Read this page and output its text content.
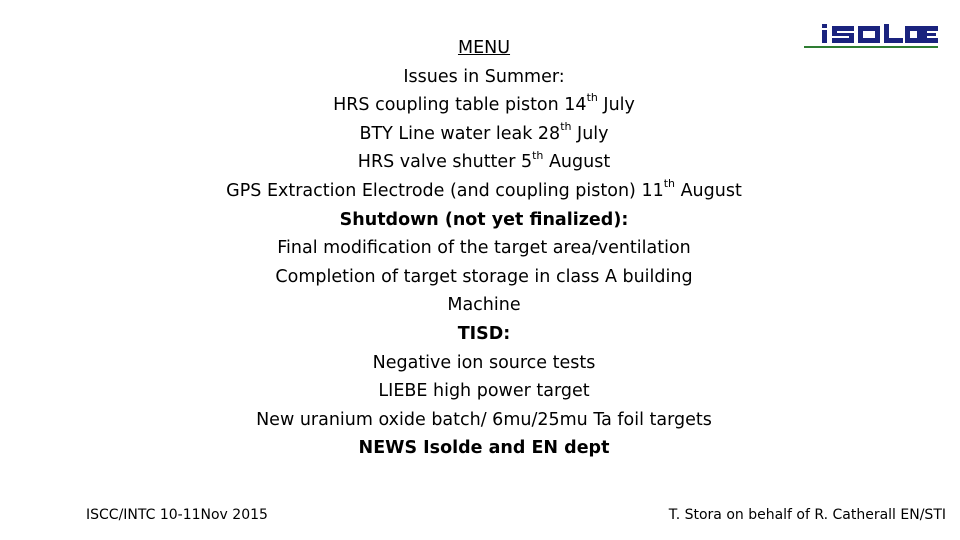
MENU
Issues in Summer:
HRS coupling table piston 14th July
BTY Line water leak 28th July
HRS valve shutter 5th August
GPS Extraction Electrode (and coupling piston) 11th August
Shutdown (not yet finalized):
Final modification of the target area/ventilation
Completion of target storage in class A building
Machine
TISD:
Negative ion source tests
LIEBE high power target
New uranium oxide batch/ 6mu/25mu Ta foil targets
NEWS Isolde and EN dept
ISCC/INTC 10-11Nov 2015	T. Stora on behalf of R. Catherall EN/STI
